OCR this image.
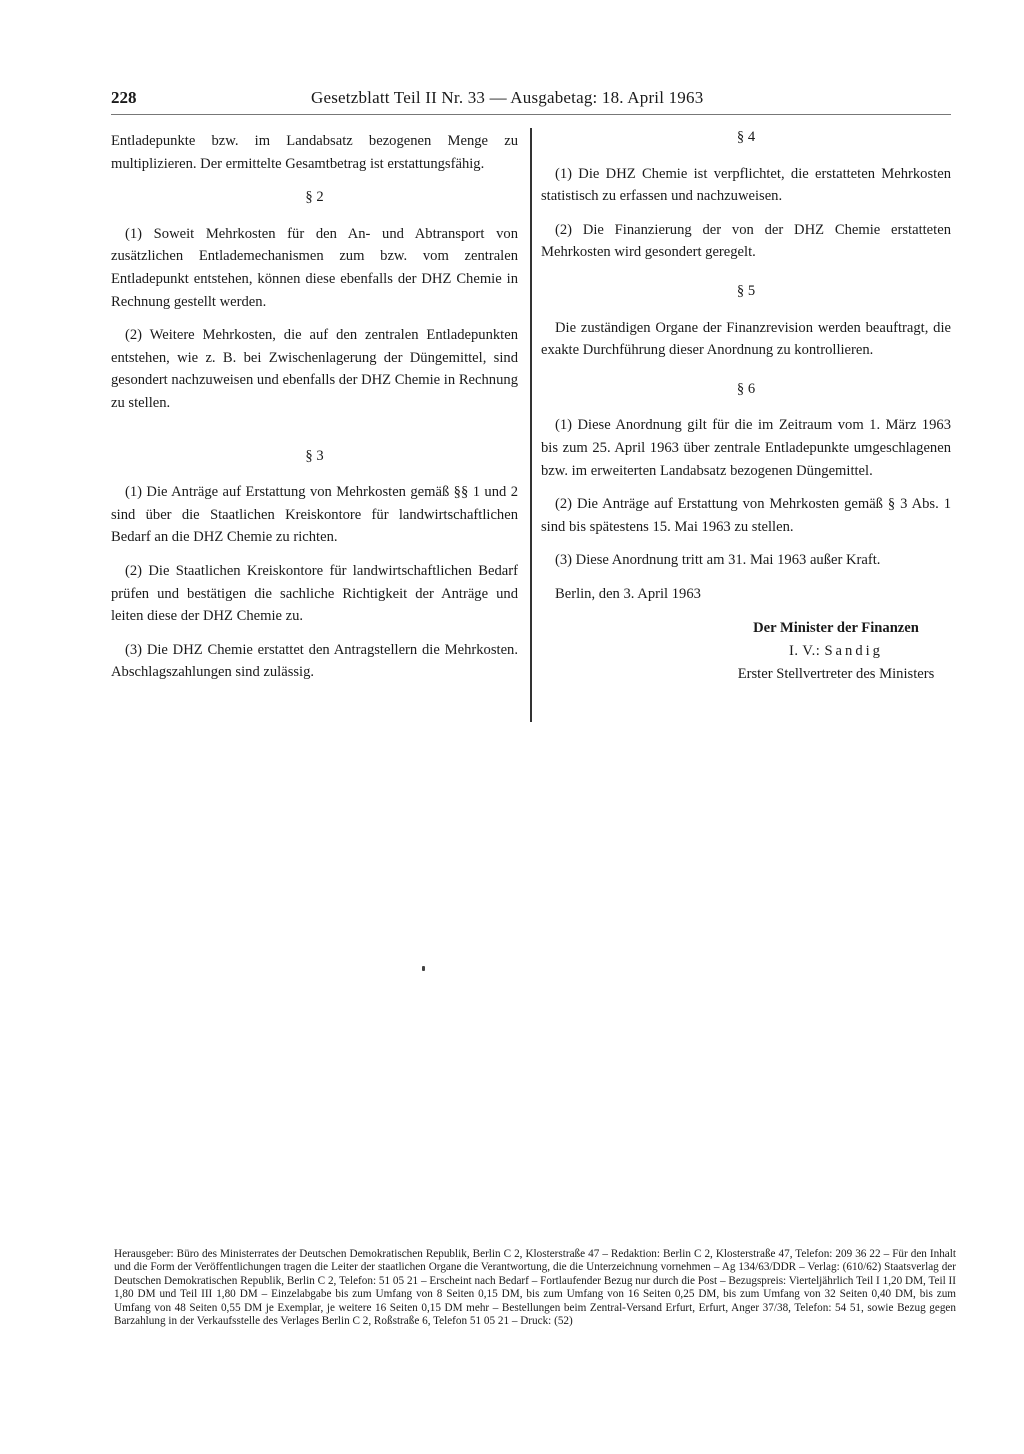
228	Gesetzblatt Teil II Nr. 33 — Ausgabetag: 18. April 1963

Entladepunkte bzw. im Landabsatz bezogenen Menge zu multiplizieren. Der ermittelte Gesamtbetrag ist erstattungsfähig.

§ 2

(1) Soweit Mehrkosten für den An- und Abtransport von zusätzlichen Entlademechanismen zum bzw. vom zentralen Entladepunkt entstehen, können diese ebenfalls der DHZ Chemie in Rechnung gestellt werden.

(2) Weitere Mehrkosten, die auf den zentralen Entladepunkten entstehen, wie z. B. bei Zwischenlagerung der Düngemittel, sind gesondert nachzuweisen und ebenfalls der DHZ Chemie in Rechnung zu stellen.

§ 3

(1) Die Anträge auf Erstattung von Mehrkosten gemäß §§ 1 und 2 sind über die Staatlichen Kreiskontore für landwirtschaftlichen Bedarf an die DHZ Chemie zu richten.

(2) Die Staatlichen Kreiskontore für landwirtschaftlichen Bedarf prüfen und bestätigen die sachliche Richtigkeit der Anträge und leiten diese der DHZ Chemie zu.

(3) Die DHZ Chemie erstattet den Antragstellern die Mehrkosten. Abschlagszahlungen sind zulässig.

§ 4

(1) Die DHZ Chemie ist verpflichtet, die erstatteten Mehrkosten statistisch zu erfassen und nachzuweisen.

(2) Die Finanzierung der von der DHZ Chemie erstatteten Mehrkosten wird gesondert geregelt.

§ 5

Die zuständigen Organe der Finanzrevision werden beauftragt, die exakte Durchführung dieser Anordnung zu kontrollieren.

§ 6

(1) Diese Anordnung gilt für die im Zeitraum vom 1. März 1963 bis zum 25. April 1963 über zentrale Entladepunkte umgeschlagenen bzw. im erweiterten Landabsatz bezogenen Düngemittel.

(2) Die Anträge auf Erstattung von Mehrkosten gemäß § 3 Abs. 1 sind bis spätestens 15. Mai 1963 zu stellen.

(3) Diese Anordnung tritt am 31. Mai 1963 außer Kraft.

Berlin, den 3. April 1963

Der Minister der Finanzen
I. V.: Sandig
Erster Stellvertreter des Ministers
Herausgeber: Büro des Ministerrates der Deutschen Demokratischen Republik, Berlin C 2, Klosterstraße 47 – Redaktion: Berlin C 2, Klosterstraße 47, Telefon: 209 36 22 – Für den Inhalt und die Form der Veröffentlichungen tragen die Leiter der staatlichen Organe die Verantwortung, die die Unterzeichnung vornehmen – Ag 134/63/DDR – Verlag: (610/62) Staatsverlag der Deutschen Demokratischen Republik, Berlin C 2, Telefon: 51 05 21 – Erscheint nach Bedarf – Fortlaufender Bezug nur durch die Post – Bezugspreis: Vierteljährlich Teil I 1,20 DM, Teil II 1,80 DM und Teil III 1,80 DM – Einzelabgabe bis zum Umfang von 8 Seiten 0,15 DM, bis zum Umfang von 16 Seiten 0,25 DM, bis zum Umfang von 32 Seiten 0,40 DM, bis zum Umfang von 48 Seiten 0,55 DM je Exemplar, je weitere 16 Seiten 0,15 DM mehr – Bestellungen beim Zentral-Versand Erfurt, Erfurt, Anger 37/38, Telefon: 54 51, sowie Bezug gegen Barzahlung in der Verkaufsstelle des Verlages Berlin C 2, Roßstraße 6, Telefon 51 05 21 – Druck: (52)
